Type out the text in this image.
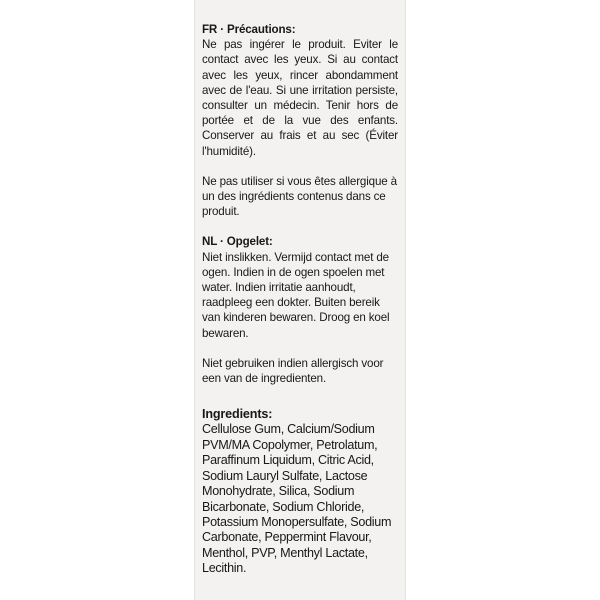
FR · Précautions:

Ne pas ingérer le produit. Eviter le contact avec les yeux. Si au contact avec les yeux, rincer abondamment avec de l'eau. Si une irritation persiste, consulter un médecin. Tenir hors de portée et de la vue des enfants. Conserver au frais et au sec (Éviter l'humidité).

Ne pas utiliser si vous êtes allergique à un des ingrédients contenus dans ce produit.

NL · Opgelet:

Niet inslikken. Vermijd contact met de ogen. Indien in de ogen spoelen met water. Indien irritatie aanhoudt, raadpleeg een dokter. Buiten bereik van kinderen bewaren. Droog en koel bewaren.

Niet gebruiken indien allergisch voor een van de ingredienten.

Ingredients:

Cellulose Gum, Calcium/Sodium PVM/MA Copolymer, Petrolatum, Paraffinum Liquidum, Citric Acid, Sodium Lauryl Sulfate, Lactose Monohydrate, Silica, Sodium Bicarbonate, Sodium Chloride, Potassium Monopersulfate, Sodium Carbonate, Peppermint Flavour, Menthol, PVP, Menthyl Lactate, Lecithin.
